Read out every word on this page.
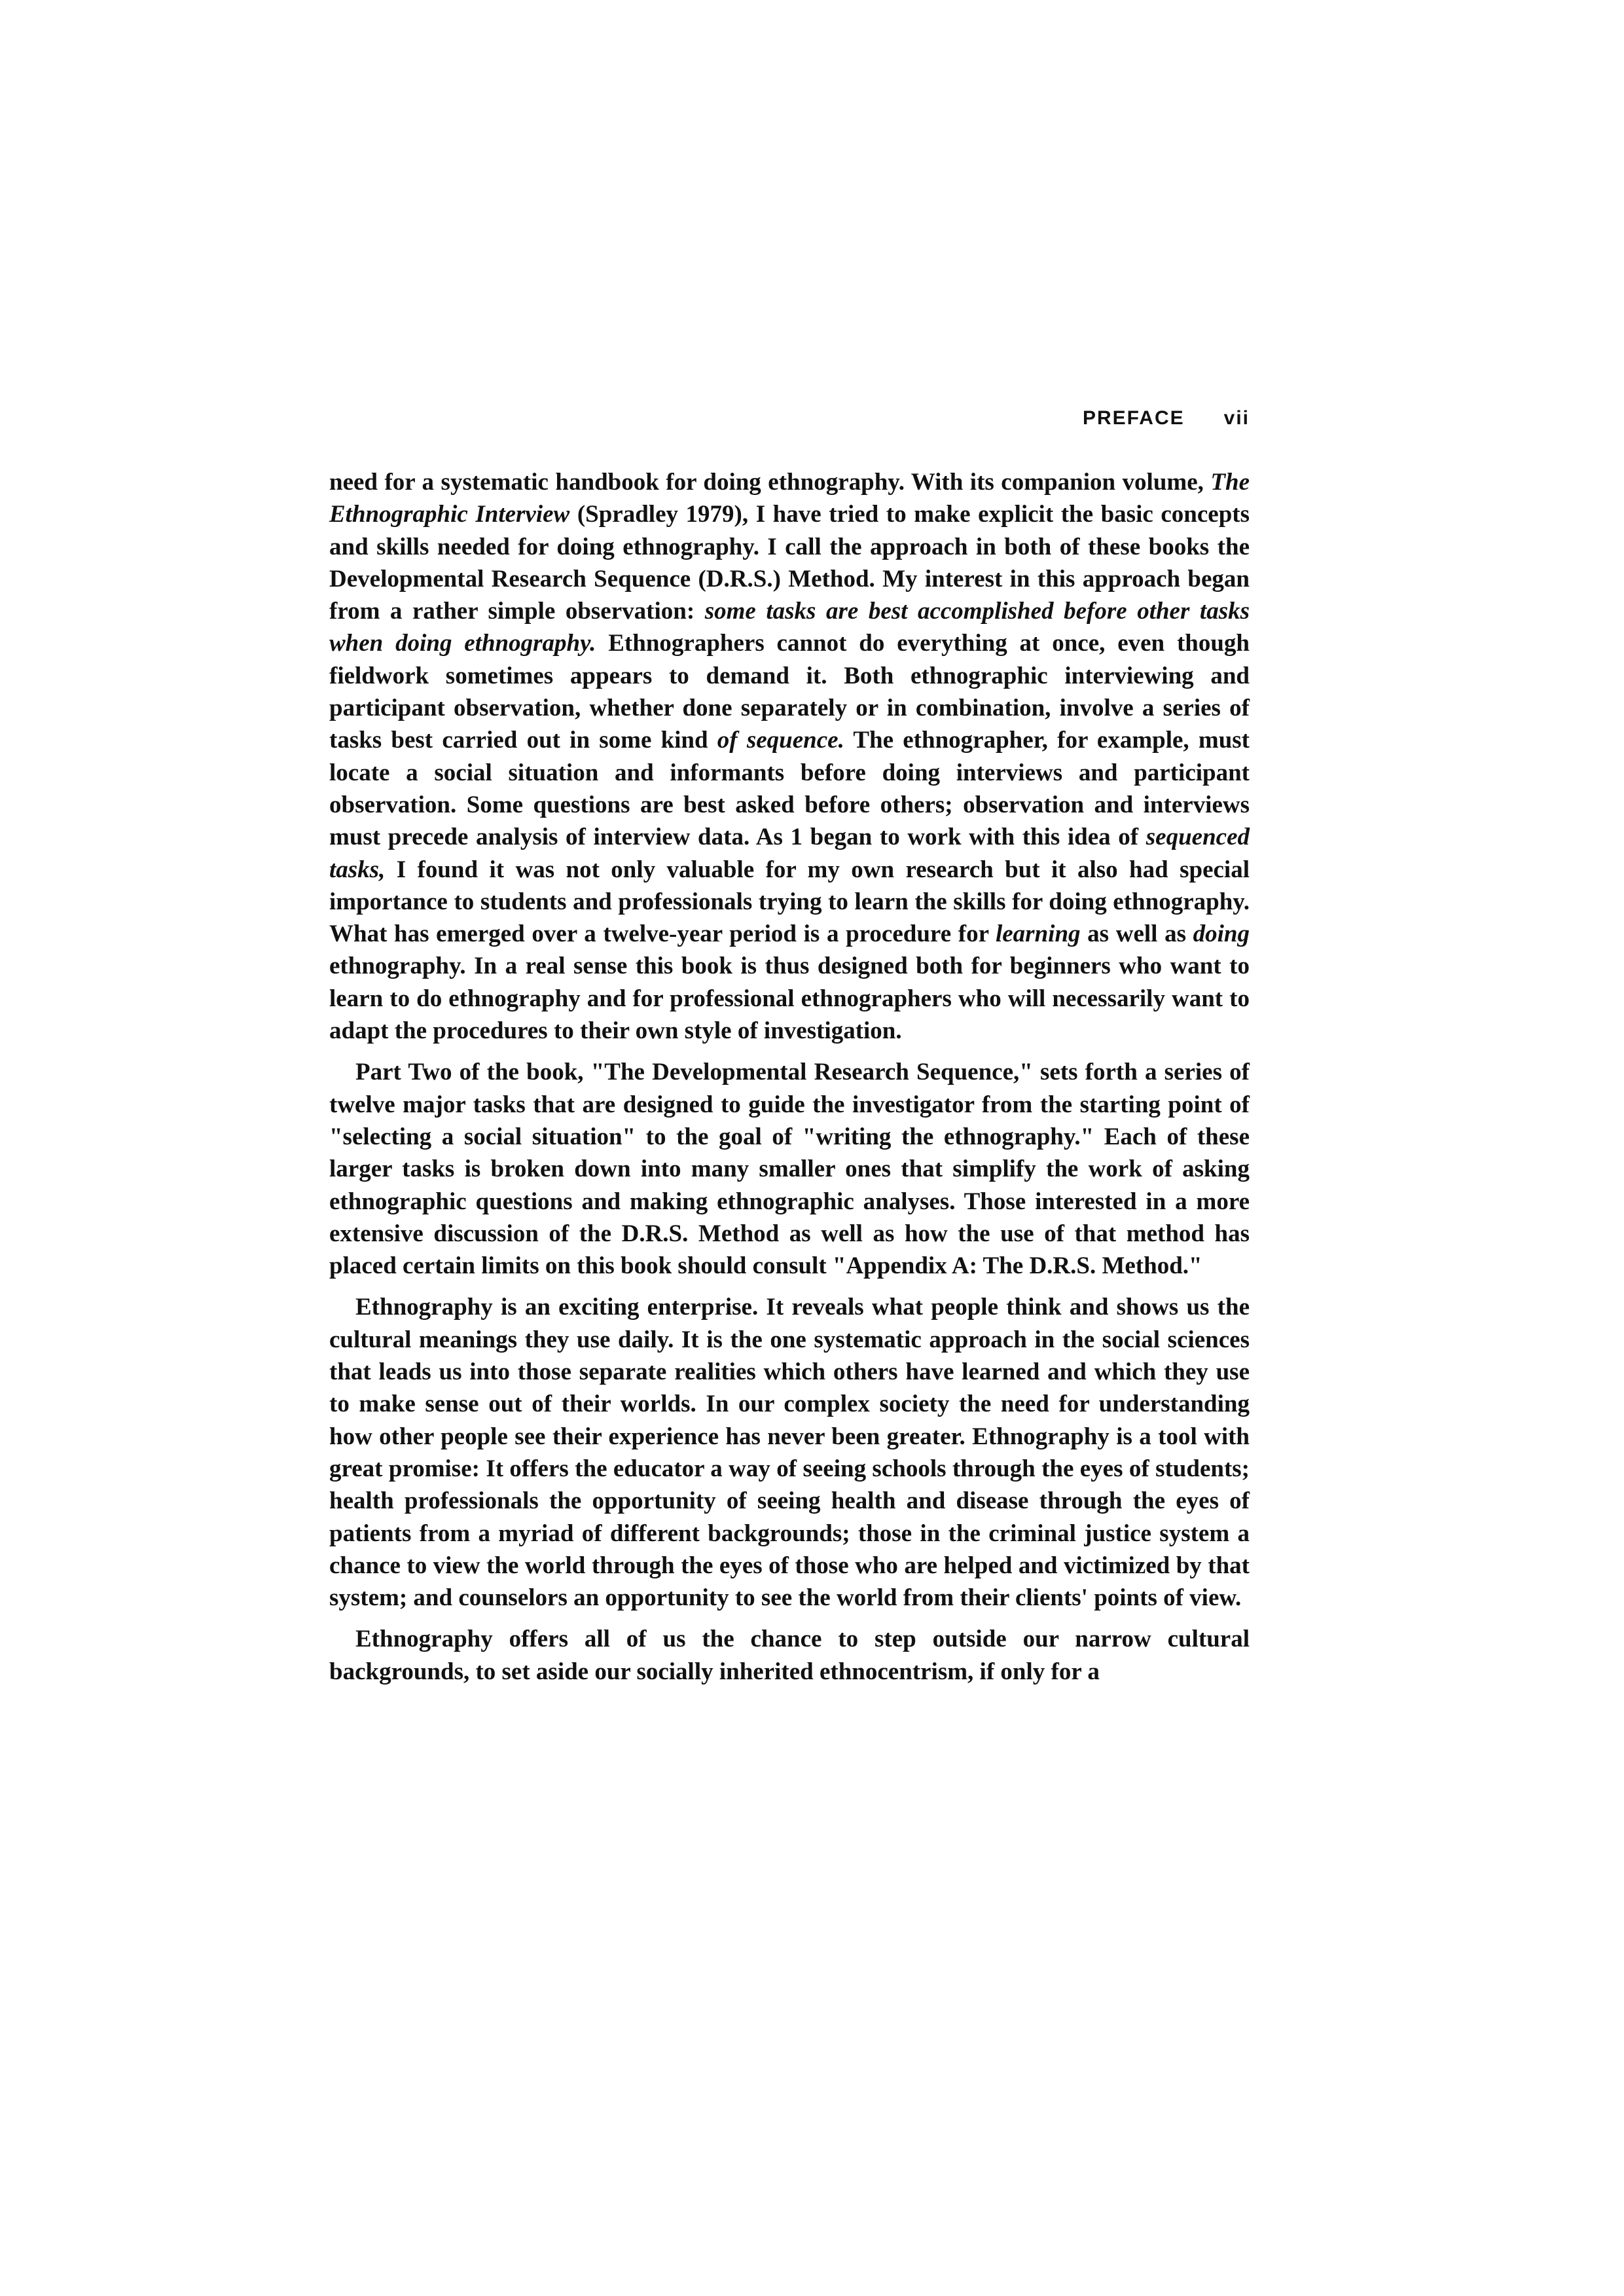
PREFACE vii

need for a systematic handbook for doing ethnography. With its companion volume, The Ethnographic Interview (Spradley 1979), I have tried to make explicit the basic concepts and skills needed for doing ethnography. I call the approach in both of these books the Developmental Research Sequence (D.R.S.) Method. My interest in this approach began from a rather simple observation: some tasks are best accomplished before other tasks when doing ethnography. Ethnographers cannot do everything at once, even though fieldwork sometimes appears to demand it. Both ethnographic interviewing and participant observation, whether done separately or in combination, involve a series of tasks best carried out in some kind of sequence. The ethnographer, for example, must locate a social situation and informants before doing interviews and participant observation. Some questions are best asked before others; observation and interviews must precede analysis of interview data. As 1 began to work with this idea of sequenced tasks, I found it was not only valuable for my own research but it also had special importance to students and professionals trying to learn the skills for doing ethnography. What has emerged over a twelve-year period is a procedure for learning as well as doing ethnography. In a real sense this book is thus designed both for beginners who want to learn to do ethnography and for professional ethnographers who will necessarily want to adapt the procedures to their own style of investigation.

Part Two of the book, "The Developmental Research Sequence," sets forth a series of twelve major tasks that are designed to guide the investigator from the starting point of "selecting a social situation" to the goal of "writing the ethnography." Each of these larger tasks is broken down into many smaller ones that simplify the work of asking ethnographic questions and making ethnographic analyses. Those interested in a more extensive discussion of the D.R.S. Method as well as how the use of that method has placed certain limits on this book should consult "Appendix A: The D.R.S. Method."

Ethnography is an exciting enterprise. It reveals what people think and shows us the cultural meanings they use daily. It is the one systematic approach in the social sciences that leads us into those separate realities which others have learned and which they use to make sense out of their worlds. In our complex society the need for understanding how other people see their experience has never been greater. Ethnography is a tool with great promise: It offers the educator a way of seeing schools through the eyes of students; health professionals the opportunity of seeing health and disease through the eyes of patients from a myriad of different backgrounds; those in the criminal justice system a chance to view the world through the eyes of those who are helped and victimized by that system; and counselors an opportunity to see the world from their clients' points of view.

Ethnography offers all of us the chance to step outside our narrow cultural backgrounds, to set aside our socially inherited ethnocentrism, if only for a
